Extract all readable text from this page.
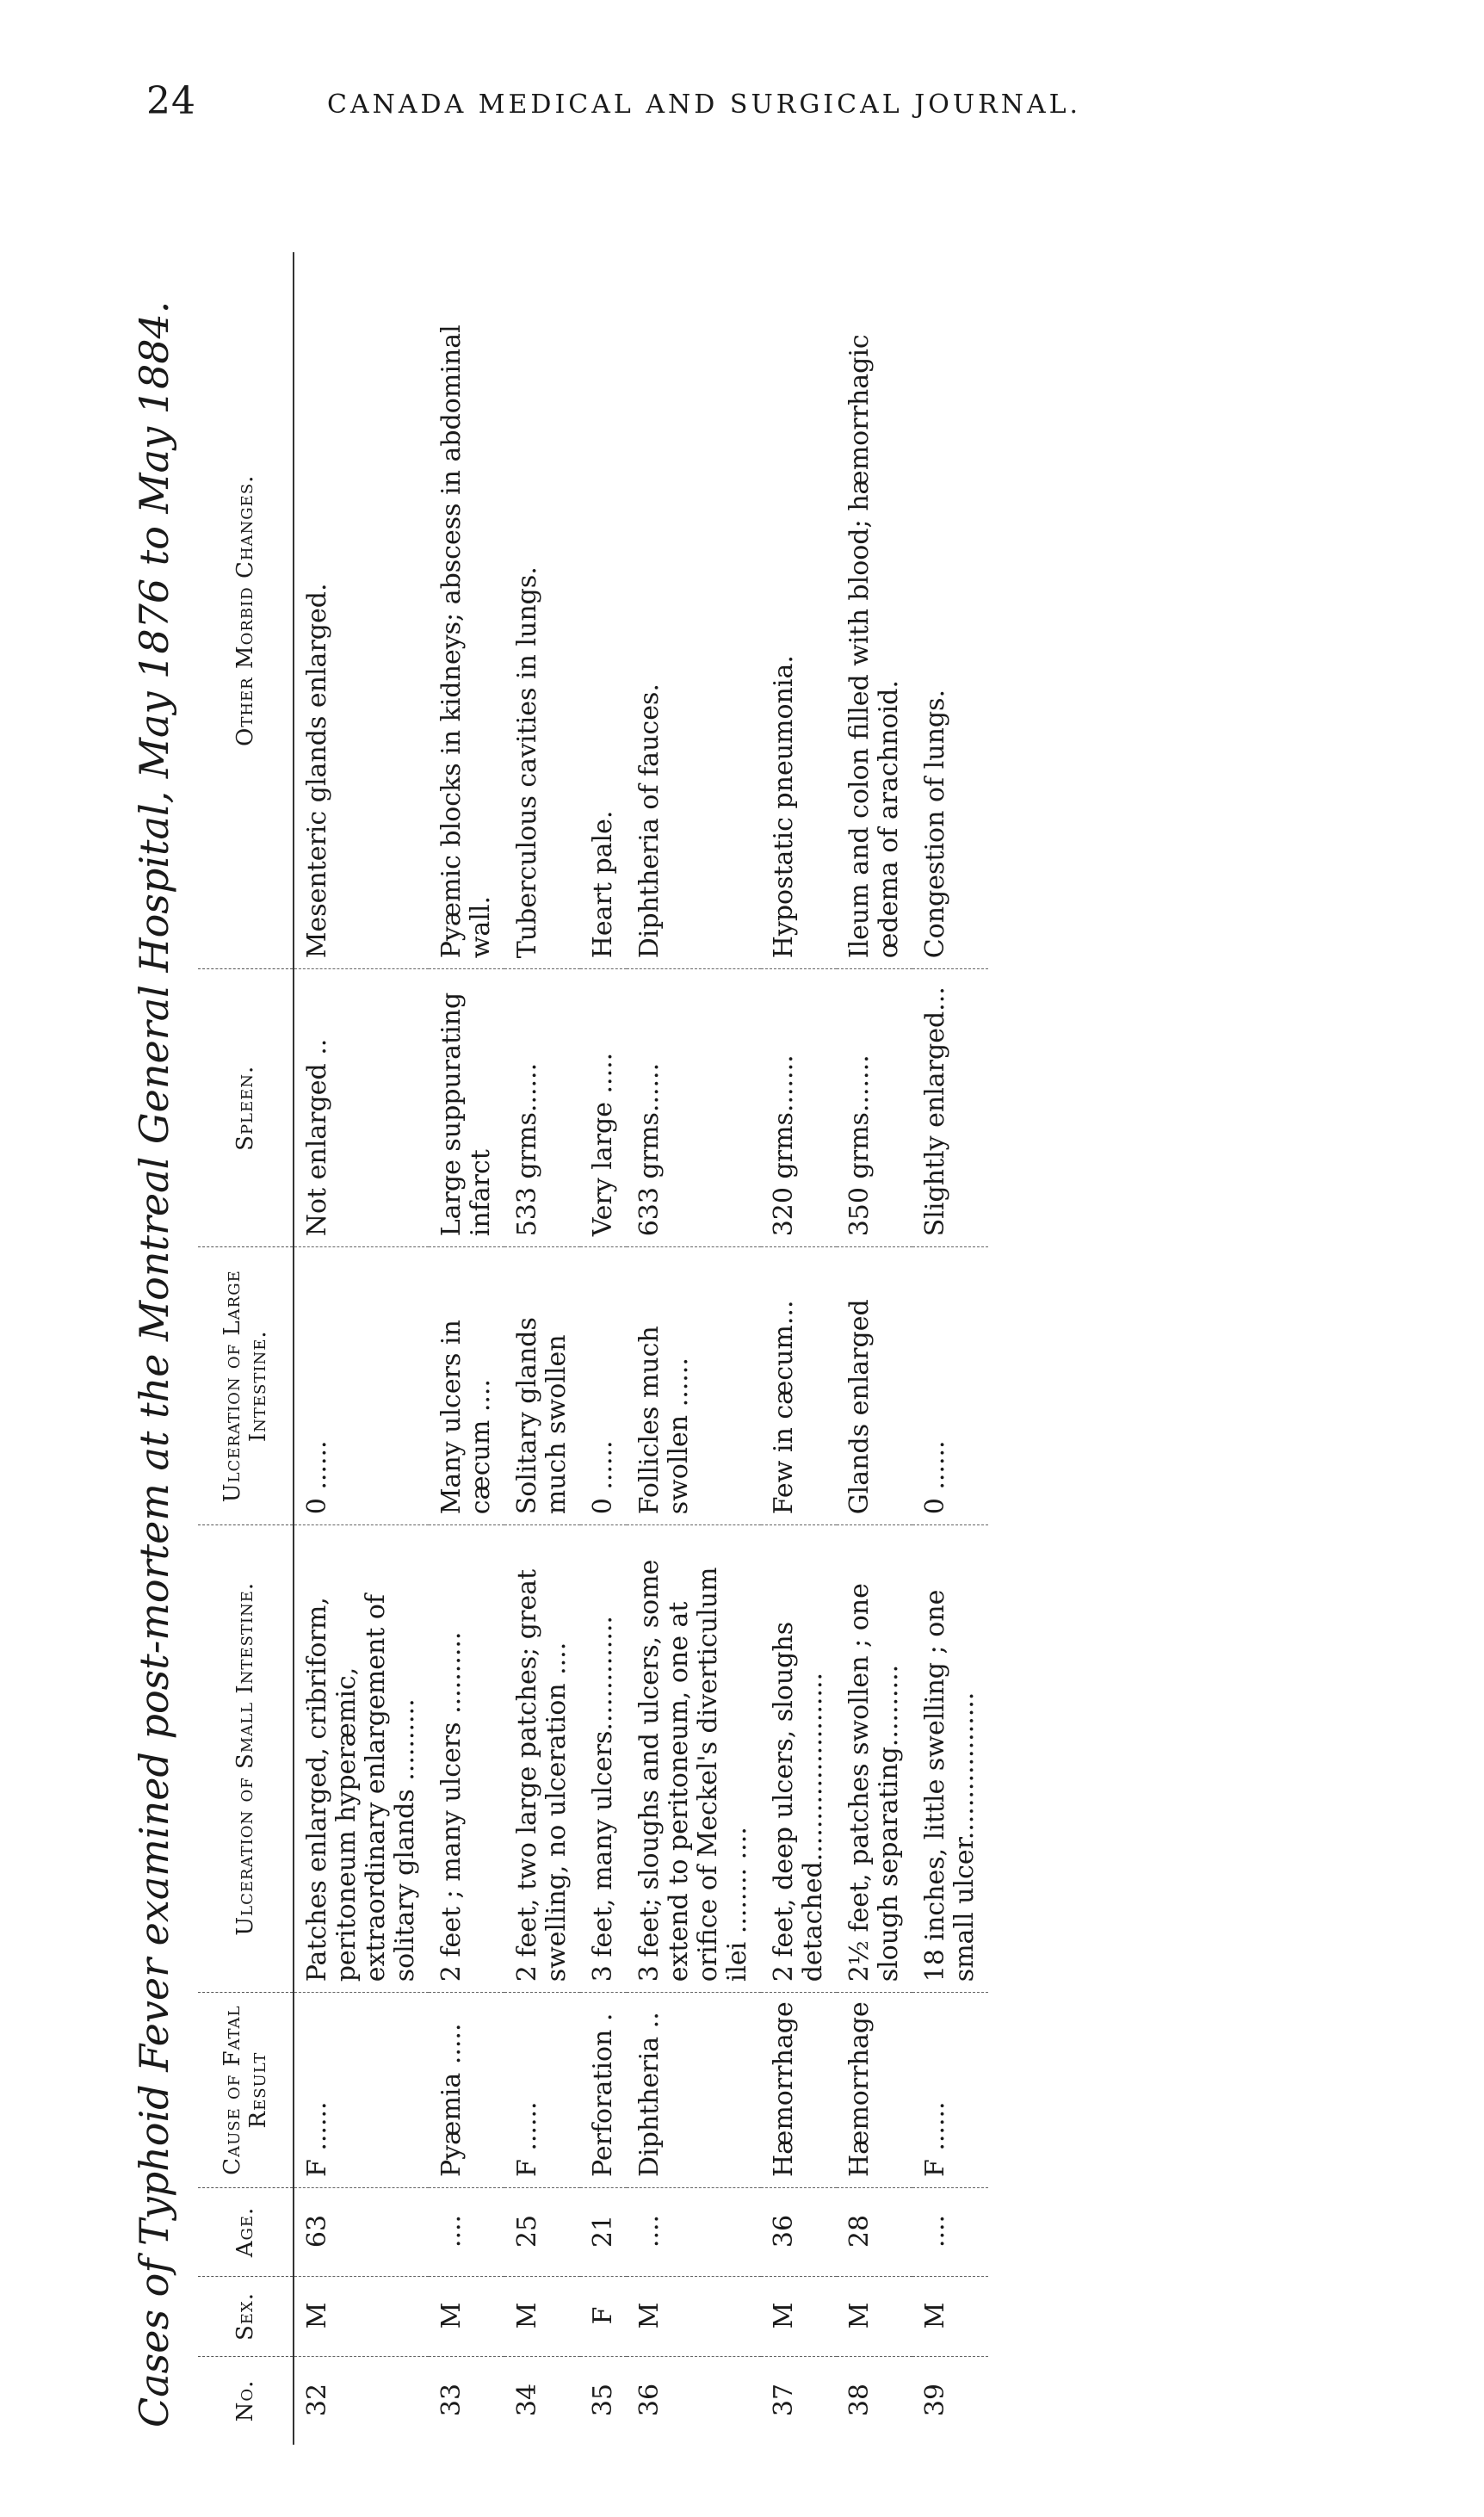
24	CANADA MEDICAL AND SURGICAL JOURNAL.
Cases of Typhoid Fever examined post-mortem at the Montreal General Hospital, May 1876 to May 1884. No.	Sex.	Age.	Cause of Fatal Result	Ulceration of Small Intestine.	Ulceration of Large Intestine.	Spleen.	Other Morbid Changes.
32	M	63	F ......	Patches enlarged, cribriform, peritoneum hyperæmic, extraordinary enlargement of solitary glands ..........	0 ......	Not enlarged ..	Mesenteric glands enlarged.
33	M	....	Pyæmia .....	2 feet ; many ulcers ..........	Many ulcers in cæcum ....	Large suppurating infarct	Pyæmic blocks in kidneys; abscess in abdominal wall.
34	M	25	F ......	2 feet, two large patches; great swelling, no ulceration ....	Solitary glands much swollen	533 grms......	Tuberculous cavities in lungs.
35	F	21	Perforation .	3 feet, many ulcers..............	0 ......	Very large .....	Heart pale.
36	M	....	Diphtheria ..	3 feet; sloughs and ulcers, some extend to peritoneum, one at orifice of Meckel's diverticulum ilei ........ ....	Follicles much swollen ......	633 grms......	Diphtheria of fauces.
37	M	36	Hæmorrhage	2 feet, deep ulcers, sloughs detached.......................	Few in cæcum...	320 grms.......	Hypostatic pneumonia.
38	M	28	Hæmorrhage	2½ feet, patches swollen ; one slough separating..........	Glands enlarged	350 grms.......	Ileum and colon filled with blood; hæmorrhagic œdema of arachnoid.
39	M	....	F ......	18 inches, little swelling ; one small ulcer..................	0 ......	Slightly enlarged...	Congestion of lungs.
